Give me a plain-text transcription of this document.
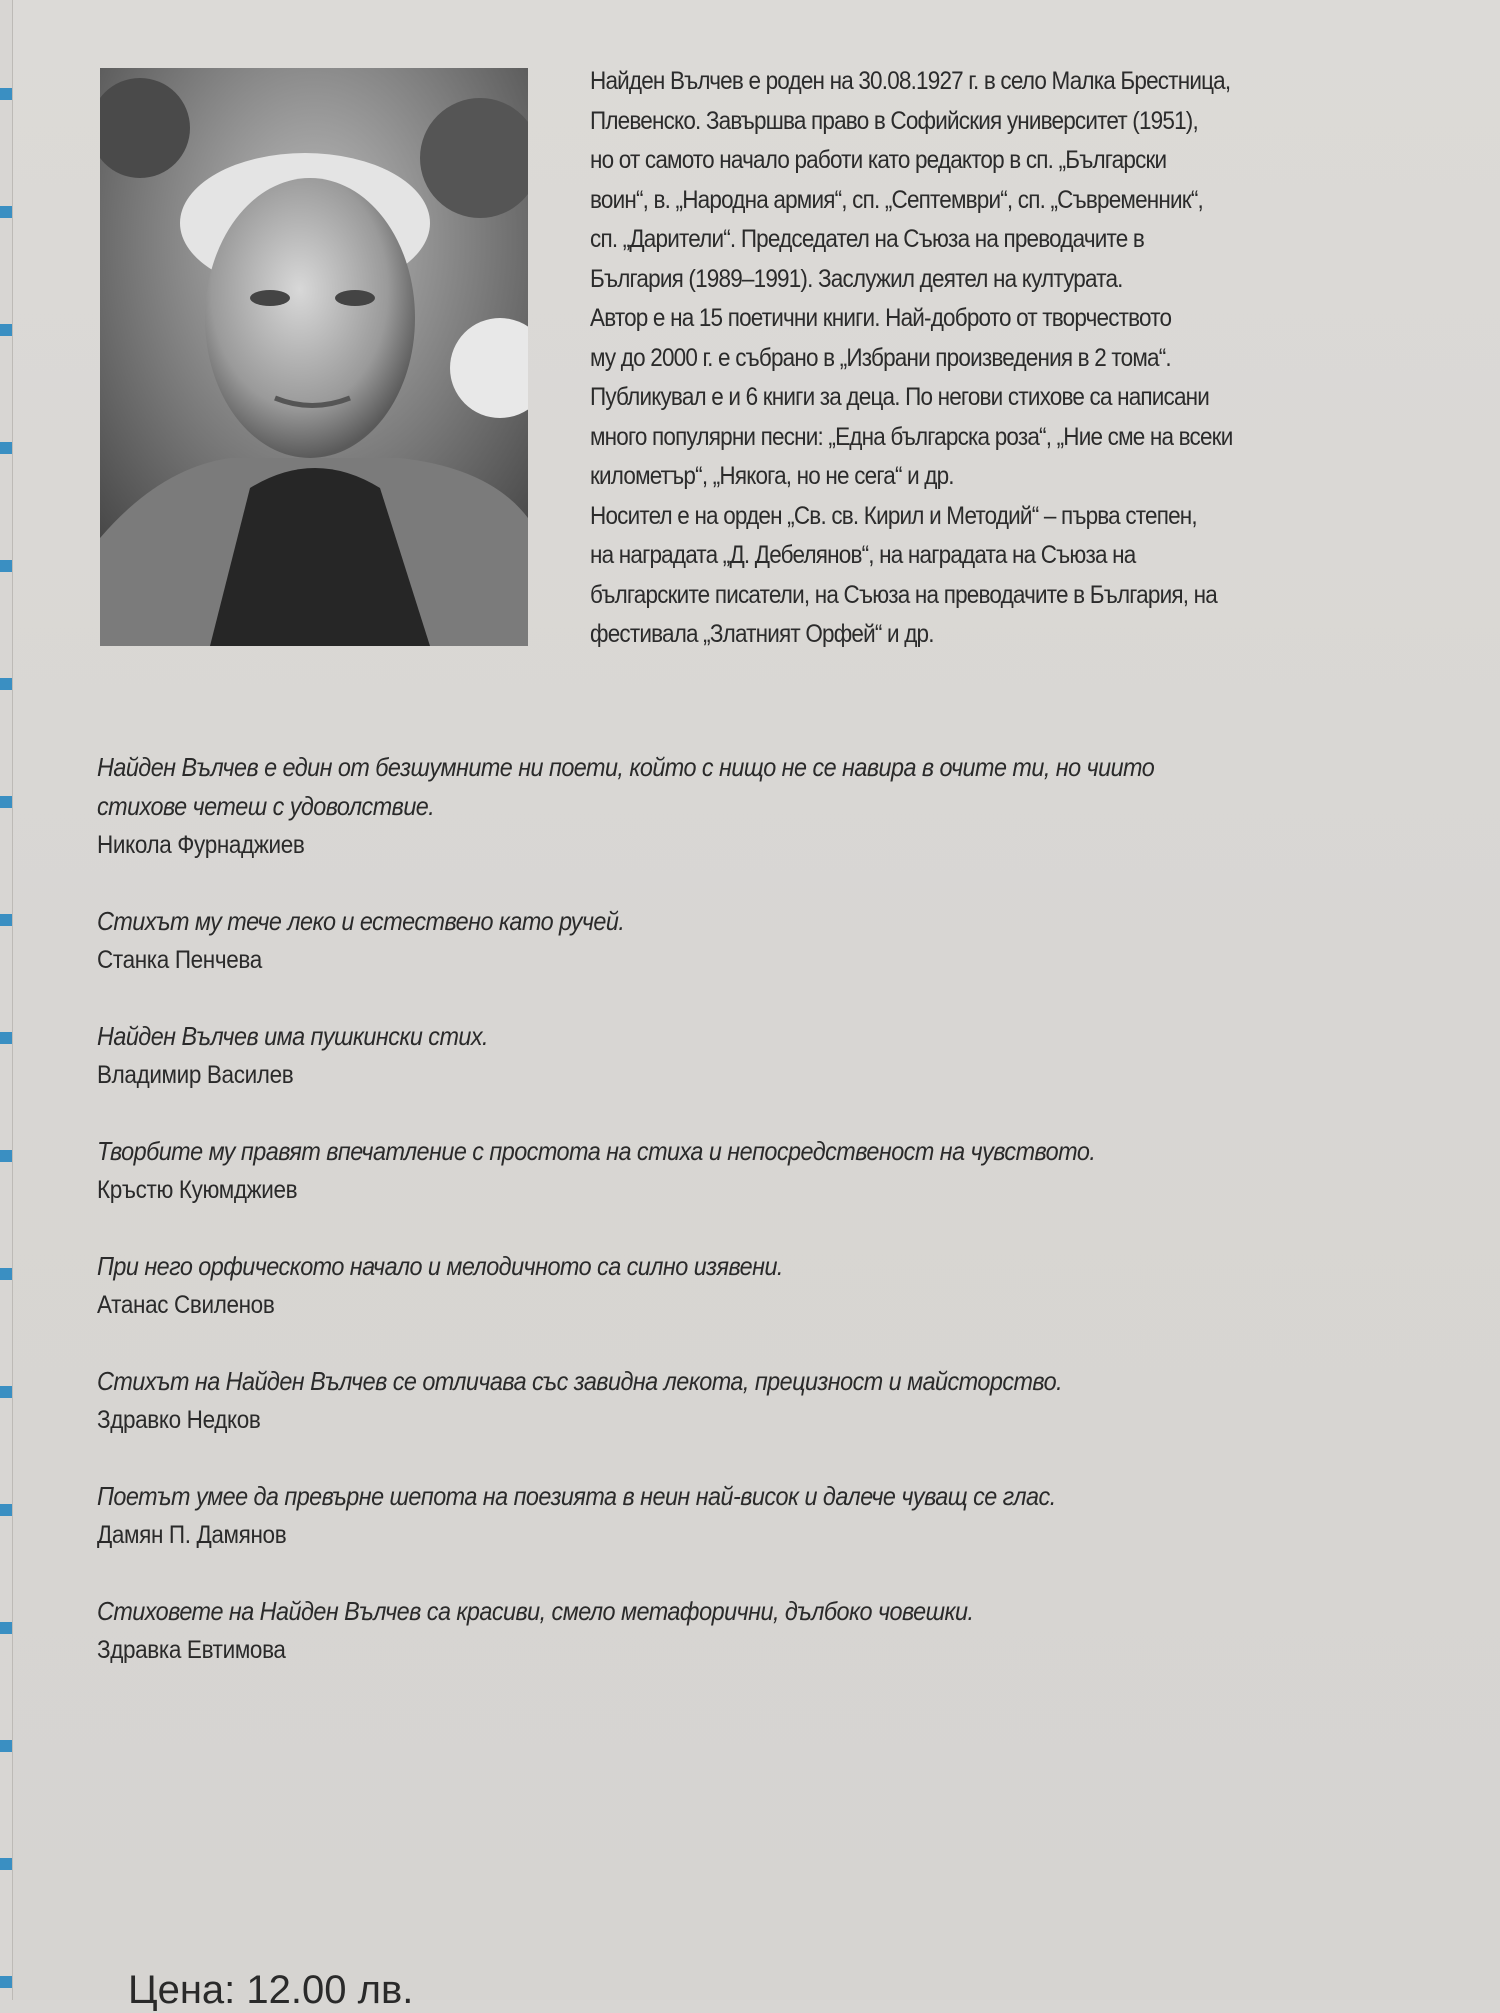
Найден Вълчев е роден на 30.08.1927 г. в село Малка Брестница,
Плевенско. Завършва право в Софийския университет (1951),
но от самото начало работи като редактор в сп. „Български
воин“, в. „Народна армия“, сп. „Септември“, сп. „Съвременник“,
сп. „Дарители“. Председател на Съюза на преводачите в
България (1989–1991). Заслужил деятел на културата.
Автор е на 15 поетични книги. Най-доброто от творчеството
му до 2000 г. е събрано в „Избрани произведения в 2 тома“.
Публикувал е и 6 книги за деца. По негови стихове са написани
много популярни песни: „Една българска роза“, „Ние сме на всеки
километър“, „Някога, но не сега“ и др.
Носител е на орден „Св. св. Кирил и Методий“ – първа степен,
на наградата „Д. Дебелянов“, на наградата на Съюза на
българските писатели, на Съюза на преводачите в България, на
фестивала „Златният Орфей“ и др.
Найден Вълчев е един от безшумните ни поети, който с нищо не се навира в очите ти, но чиито
стихове четеш с удоволствие.
Никола Фурнаджиев
Стихът му тече леко и естествено като ручей.
Станка Пенчева
Найден Вълчев има пушкински стих.
Владимир Василев
Творбите му правят впечатление с простота на стиха и непосредственост на чувството.
Кръстю Куюмджиев
При него орфическото начало и мелодичното са силно изявени.
Атанас Свиленов
Стихът на Найден Вълчев се отличава със завидна лекота, прецизност и майсторство.
Здравко Недков
Поетът умее да превърне шепота на поезията в неин най-висок и далече чуващ се глас.
Дамян П. Дамянов
Стиховете на Найден Вълчев са красиви, смело метафорични, дълбоко човешки.
Здравка Евтимова
Цена: 12.00 лв.
